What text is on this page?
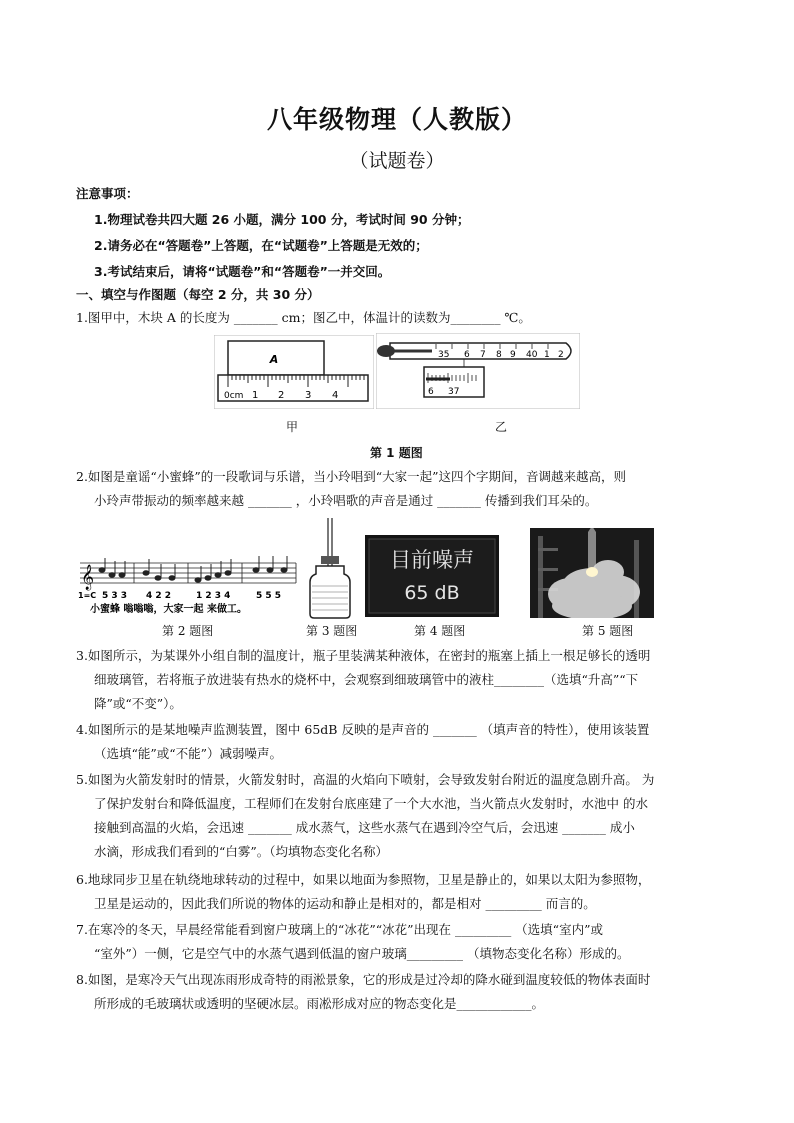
八年级物理（人教版）
（试题卷）
注意事项：
1.物理试卷共四大题 26 小题，满分 100 分，考试时间 90 分钟；
2.请务必在“答题卷”上答题，在“试题卷”上答题是无效的；
3.考试结束后，请将“试题卷”和“答题卷”一并交回。
一、填空与作图题（每空 2 分，共 30 分）
1.图甲中，木块 A 的长度为 _______ cm；图乙中，体温计的读数为________ ℃。
A
0cm 1 2 3 4
35 6 7 8 9 40 1 2
6 37
甲	乙
第 1 题图
2.如图是童谣“小蜜蜂”的一段歌词与乐谱，当小玲唱到“大家一起”这四个字期间，音调越来越高，则
小玲声带振动的频率越来越 _______ ，小玲唱歌的声音是通过 _______ 传播到我们耳朵的。
𝄞
1=C 5 3 3 4 2 2	1 2 3 4	5 5 5
小蜜蜂 嗡嗡嗡，大家一起 来做工。
目前噪声
65 dB
第 2 题图	第 3 题图	第 4 题图	第 5 题图
3.如图所示，为某课外小组自制的温度计，瓶子里装满某种液体，在密封的瓶塞上插上一根足够长的透明
细玻璃管，若将瓶子放进装有热水的烧杯中，会观察到细玻璃管中的液柱________（选填“升高”“下
降”或“不变”）。
4.如图所示的是某地噪声监测装置，图中 65dB 反映的是声音的 _______ （填声音的特性），使用该装置
（选填“能”或“不能”）减弱噪声。
5.如图为火箭发射时的情景，火箭发射时，高温的火焰向下喷射，会导致发射台附近的温度急剧升高。 为
了保护发射台和降低温度，工程师们在发射台底座建了一个大水池，当火箭点火发射时，水池中 的水
接触到高温的火焰，会迅速 _______ 成水蒸气，这些水蒸气在遇到冷空气后，会迅速 _______ 成小
水滴，形成我们看到的“白雾”。（均填物态变化名称）
6.地球同步卫星在轨绕地球转动的过程中，如果以地面为参照物，卫星是静止的，如果以太阳为参照物，
卫星是运动的，因此我们所说的物体的运动和静止是相对的，都是相对 _________ 而言的。
7.在寒冷的冬天，早晨经常能看到窗户玻璃上的“冰花”“冰花”出现在 _________ （选填“室内”或
“室外”）一侧，它是空气中的水蒸气遇到低温的窗户玻璃_________ （填物态变化名称）形成的。
8.如图，是寒冷天气出现冻雨形成奇特的雨淞景象，它的形成是过冷却的降水碰到温度较低的物体表面时
所形成的毛玻璃状或透明的坚硬冰层。雨凇形成对应的物态变化是____________。
